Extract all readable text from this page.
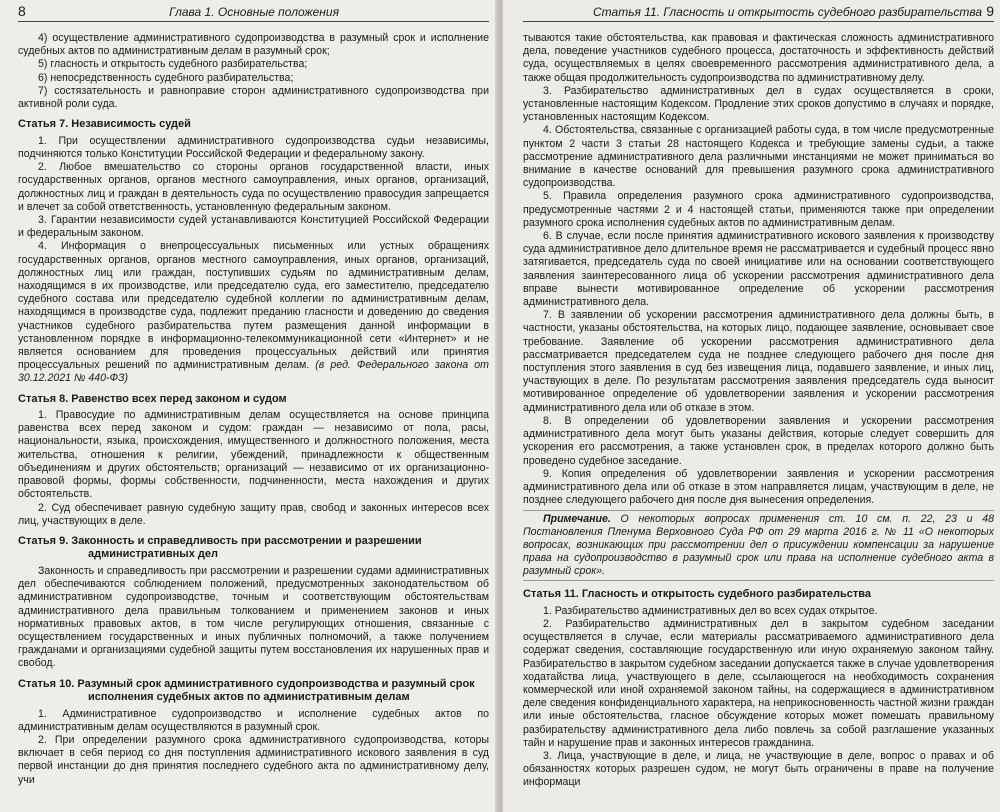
8	Глава 1. Основные положения

4) осуществление административного судопроизводства в разумный срок и исполнение судебных актов по административным делам в разумный срок;

5) гласность и открытость судебного разбирательства;

6) непосредственность судебного разбирательства;

7) состязательность и равноправие сторон административного судопроизводства при активной роли суда.

Статья 7. Независимость судей

1. При осуществлении административного судопроизводства судьи независимы, подчиняются только Конституции Российской Федерации и федеральному закону.

2. Любое вмешательство со стороны органов государственной власти, иных государственных органов, органов местного самоуправления, иных органов, организаций, должностных лиц и граждан в деятельность суда по осуществлению правосудия запрещается и влечет за собой ответственность, установленную федеральным законом.

3. Гарантии независимости судей устанавливаются Конституцией Российской Федерации и федеральным законом.

4. Информация о внепроцессуальных письменных или устных обращениях государственных органов, органов местного самоуправления, иных органов, организаций, должностных лиц или граждан, поступивших судьям по административным делам, находящимся в их производстве, или председателю суда, его заместителю, председателю судебного состава или председателю судебной коллегии по административным делам, находящимся в производстве суда, подлежит преданию гласности и доведению до сведения участников судебного разбирательства путем размещения данной информации в установленном порядке в информационно-телекоммуникационной сети «Интернет» и не является основанием для проведения процессуальных действий или принятия процессуальных решений по административным делам. (в ред. Федерального закона от 30.12.2021 № 440-ФЗ)

Статья 8. Равенство всех перед законом и судом

1. Правосудие по административным делам осуществляется на основе принципа равенства всех перед законом и судом: граждан — независимо от пола, расы, национальности, языка, происхождения, имущественного и должностного положения, места жительства, отношения к религии, убеждений, принадлежности к общественным объединениям и других обстоятельств; организаций — независимо от их организационно-правовой формы, формы собственности, подчиненности, места нахождения и других обстоятельств.

2. Суд обеспечивает равную судебную защиту прав, свобод и законных интересов всех лиц, участвующих в деле.

Статья 9. Законность и справедливость при рассмотрении и разрешении административных дел

Законность и справедливость при рассмотрении и разрешении судами административных дел обеспечиваются соблюдением положений, предусмотренных законодательством об административном судопроизводстве, точным и соответствующим обстоятельствам административного дела правильным толкованием и применением законов и иных нормативных правовых актов, в том числе регулирующих отношения, связанные с осуществлением государственных и иных публичных полномочий, а также получением гражданами и организациями судебной защиты путем восстановления их нарушенных прав и свобод.

Статья 10. Разумный срок административного судопроизводства и разумный срок исполнения судебных актов по административным делам

1. Административное судопроизводство и исполнение судебных актов по административным делам осуществляются в разумный срок.

2. При определении разумного срока административного судопроизводства, которы включает в себя период со дня поступления административного искового заявления в суд первой инстанции до дня принятия последнего судебного акта по административному делу, учи

Статья 11. Гласность и открытость судебного разбирательства 9

тываются такие обстоятельства, как правовая и фактическая сложность административного дела, поведение участников судебного процесса, достаточность и эффективность действий суда, осуществляемых в целях своевременного рассмотрения административного дела, а также общая продолжительность судопроизводства по административному делу.

3. Разбирательство административных дел в судах осуществляется в сроки, установленные настоящим Кодексом. Продление этих сроков допустимо в случаях и порядке, установленных настоящим Кодексом.

4. Обстоятельства, связанные с организацией работы суда, в том числе предусмотренные пунктом 2 части 3 статьи 28 настоящего Кодекса и требующие замены судьи, а также рассмотрение административного дела различными инстанциями не может приниматься во внимание в качестве оснований для превышения разумного срока административного судопроизводства.

5. Правила определения разумного срока административного судопроизводства, предусмотренные частями 2 и 4 настоящей статьи, применяются также при определении разумного срока исполнения судебных актов по административным делам.

6. В случае, если после принятия административного искового заявления к производству суда административное дело длительное время не рассматривается и судебный процесс явно затягивается, председатель суда по своей инициативе или на основании соответствующего заявления заинтересованного лица об ускорении рассмотрения административного дела вправе вынести мотивированное определение об ускорении рассмотрения административного дела.

7. В заявлении об ускорении рассмотрения административного дела должны быть, в частности, указаны обстоятельства, на которых лицо, подающее заявление, основывает свое требование. Заявление об ускорении рассмотрения административного дела рассматривается председателем суда не позднее следующего рабочего дня после дня поступления этого заявления в суд без извещения лица, подавшего заявление, и иных лиц, участвующих в деле. По результатам рассмотрения заявления председатель суда выносит мотивированное определение об удовлетворении заявления и ускорении рассмотрения административного дела или об отказе в этом.

8. В определении об удовлетворении заявления и ускорении рассмотрения административного дела могут быть указаны действия, которые следует совершить для ускорения его рассмотрения, а также установлен срок, в пределах которого должно быть проведено судебное заседание.

9. Копия определения об удовлетворении заявления и ускорении рассмотрения административного дела или об отказе в этом направляется лицам, участвующим в деле, не позднее следующего рабочего дня после дня вынесения определения.

Примечание. О некоторых вопросах применения ст. 10 см. п. 22, 23 и 48 Постановления Пленума Верховного Суда РФ от 29 марта 2016 г. № 11 «О некоторых вопросах, возникающих при рассмотрении дел о присуждении компенсации за нарушение права на судопроизводство в разумный срок или права на исполнение судебного акта в разумный срок».
Статья 11. Гласность и открытость судебного разбирательства

1. Разбирательство административных дел во всех судах открытое.

2. Разбирательство административных дел в закрытом судебном заседании осуществляется в случае, если материалы рассматриваемого административного дела содержат сведения, составляющие государственную или иную охраняемую законом тайну. Разбирательство в закрытом судебном заседании допускается также в случае удовлетворения ходатайства лица, участвующего в деле, ссылающегося на необходимость сохранения коммерческой или иной охраняемой законом тайны, на содержащиеся в административном деле сведения конфиденциального характера, на неприкосновенность частной жизни граждан или иные обстоятельства, гласное обсуждение которых может помешать правильному разбирательству административного дела либо повлечь за собой разглашение указанных тайн и нарушение прав и законных интересов гражданина.

3. Лица, участвующие в деле, и лица, не участвующие в деле, вопрос о правах и об обязанностях которых разрешен судом, не могут быть ограничены в праве на получение информаци
